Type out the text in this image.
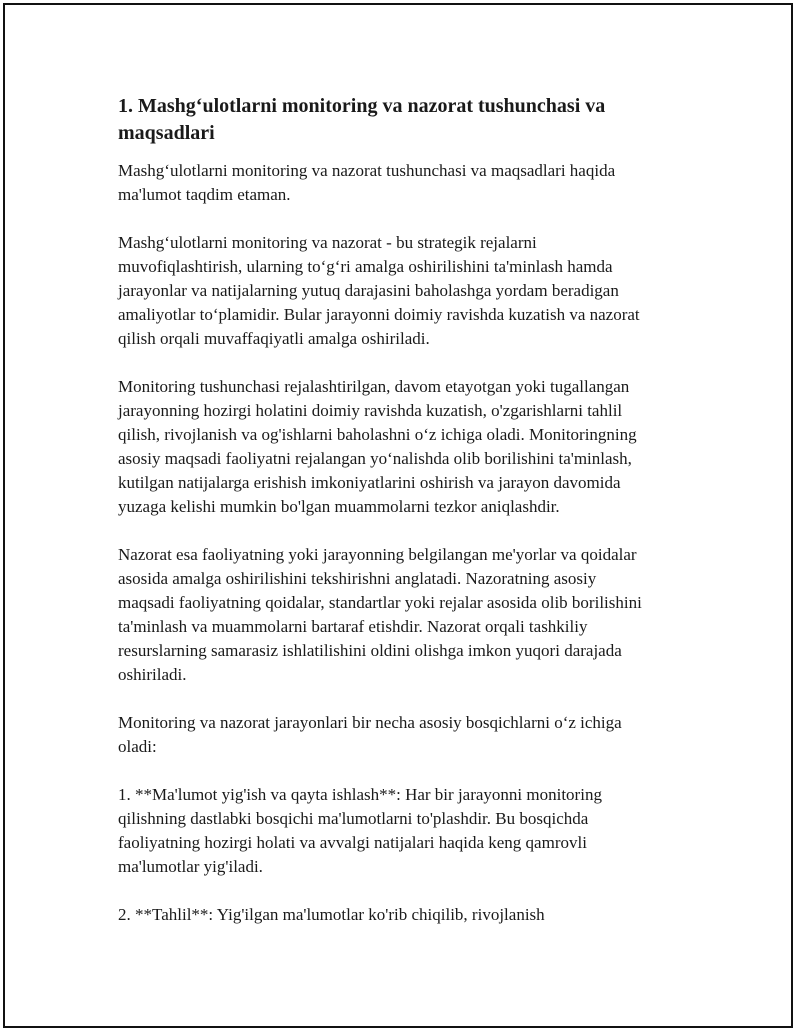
1. Mashg‘ulotlarni monitoring va nazorat tushunchasi va maqsadlari

Mashg‘ulotlarni monitoring va nazorat tushunchasi va maqsadlari haqida
ma'lumot taqdim etaman.

Mashg‘ulotlarni monitoring va nazorat - bu strategik rejalarni
muvofiqlashtirish, ularning to‘g‘ri amalga oshirilishini ta'minlash hamda
jarayonlar va natijalarning yutuq darajasini baholashga yordam beradigan
amaliyotlar to‘plamidir. Bular jarayonni doimiy ravishda kuzatish va nazorat
qilish orqali muvaffaqiyatli amalga oshiriladi.

Monitoring tushunchasi rejalashtirilgan, davom etayotgan yoki tugallangan
jarayonning hozirgi holatini doimiy ravishda kuzatish, o'zgarishlarni tahlil
qilish, rivojlanish va og'ishlarni baholashni o‘z ichiga oladi. Monitoringning
asosiy maqsadi faoliyatni rejalangan yo‘nalishda olib borilishini ta'minlash,
kutilgan natijalarga erishish imkoniyatlarini oshirish va jarayon davomida
yuzaga kelishi mumkin bo'lgan muammolarni tezkor aniqlashdir.

Nazorat esa faoliyatning yoki jarayonning belgilangan me'yorlar va qoidalar
asosida amalga oshirilishini tekshirishni anglatadi. Nazoratning asosiy
maqsadi faoliyatning qoidalar, standartlar yoki rejalar asosida olib borilishini
ta'minlash va muammolarni bartaraf etishdir. Nazorat orqali tashkiliy
resurslarning samarasiz ishlatilishini oldini olishga imkon yuqori darajada
oshiriladi.

Monitoring va nazorat jarayonlari bir necha asosiy bosqichlarni o‘z ichiga
oladi:

1. **Ma'lumot yig'ish va qayta ishlash**: Har bir jarayonni monitoring
qilishning dastlabki bosqichi ma'lumotlarni to'plashdir. Bu bosqichda
faoliyatning hozirgi holati va avvalgi natijalari haqida keng qamrovli
ma'lumotlar yig'iladi.

2. **Tahlil**: Yig'ilgan ma'lumotlar ko'rib chiqilib, rivojlanish
